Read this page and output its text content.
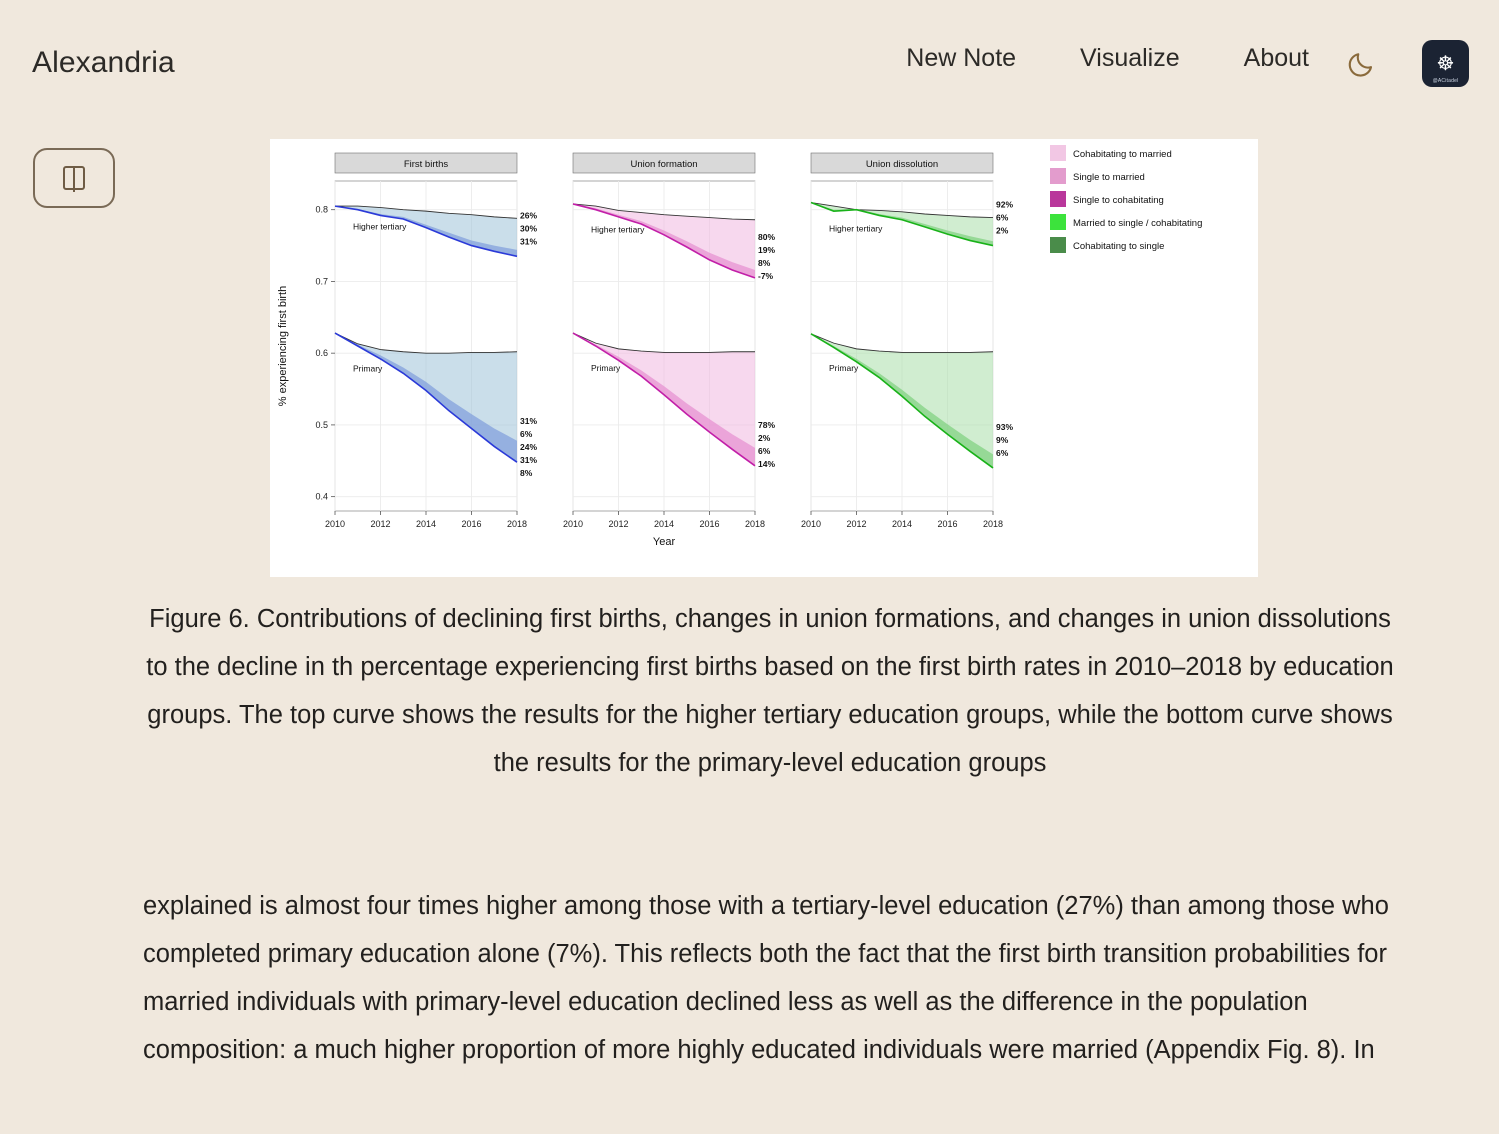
Alexandria	New Note	Visualize	About	☸
@ACitadel
First births
Higher tertiary
26%
30%
31%
Primary
31%
6%
24%
31%
8%
2010	2012	2014	2016	2018
0.4
0.5
0.6
0.7
0.8
Union formation
Higher tertiary
80%
19%
8%
-7%
Primary
78%
2%
6%
14%
2010	2012	2014	2016	2018
Union dissolution
Higher tertiary
92%
6%
2%
Primary
93%
9%
6%
2010	2012	2014	2016	2018
Year
% experiencing first birth
Cohabitating to married
Single to married
Single to cohabitating
Married to single / cohabitating
Cohabitating to single
Figure 6. Contributions of declining first births, changes in union formations, and changes in union dissolutions to the decline in th percentage experiencing first births based on the first birth rates in 2010–2018 by education groups. The top curve shows the results for the higher tertiary education groups, while the bottom curve shows the results for the primary-level education groups
explained is almost four times higher among those with a tertiary-level education (27%) than among those who completed primary education alone (7%). This reflects both the fact that the first birth transition probabilities for married individuals with primary-level education declined less as well as the difference in the population composition: a much higher proportion of more highly educated individuals were married (Appendix Fig. 8). In
